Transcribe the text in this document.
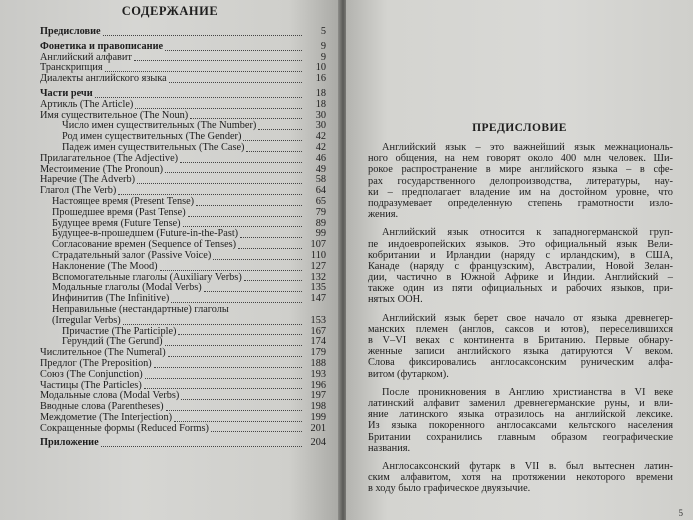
СОДЕРЖАНИЕ
Предисловие	5
Фонетика и правописание	9
Английский алфавит	9
Транскрипция	10
Диалекты английского языка	16
Части речи	18
Артикль (The Article)	18
Имя существительное (The Noun)	30
Число имен существительных (The Number)	30
Род имен существительных (The Gender)	42
Падеж имен существительных (The Case)	42
Прилагательное (The Adjective)	46
Местоимение (The Pronoun)	49
Наречие (The Adverb)	58
Глагол (The Verb)	64
Настоящее время (Present Tense)	65
Прошедшее время (Past Tense)	79
Будущее время (Future Tense)	89
Будущее-в-прошедшем (Future-in-the-Past)	99
Согласование времен (Sequence of Tenses)	107
Страдательный залог (Passive Voice)	110
Наклонение (The Mood)	127
Вспомогательные глаголы (Auxiliary Verbs)	132
Модальные глаголы (Modal Verbs)	135
Инфинитив (The Infinitive)	147
Неправильные (нестандартные) глаголы
(Irregular Verbs)	153
Причастие (The Participle)	167
Герундий (The Gerund)	174
Числительное (The Numeral)	179
Предлог (The Preposition)	188
Союз (The Conjunction)	193
Частицы (The Particles)	196
Модальные слова (Modal Verbs)	197
Вводные слова (Parentheses)	198
Междометие (The Interjection)	199
Сокращенные формы (Reduced Forms)	201
Приложение	204
5
ПРЕДИСЛОВИЕ
Английский язык – это важнейший язык межнациональ-
ного общения, на нем говорят около 400 млн человек. Ши-
рокое распространение в мире английского языка – в сфе-
рах государственного делопроизводства, литературы, нау-
ки – предполагает владение им на достойном уровне, что
подразумевает определенную степень грамотности изло-
жения.
Английский язык относится к западногерманской груп-
пе индоевропейских языков. Это официальный язык Вели-
кобритании и Ирландии (наряду с ирландским), в США,
Канаде (наряду с французским), Австралии, Новой Зелан-
дии, частично в Южной Африке и Индии. Английский –
также один из пяти официальных и рабочих языков, при-
нятых ООН.
Английский язык берет свое начало от языка древнегер-
манских племен (англов, саксов и ютов), переселившихся
в V–VI веках с континента в Британию. Первые обнару-
женные записи английского языка датируются V веком.
Слова фиксировались англосаксонским руническим алфа-
витом (футарком).
После проникновения в Англию христианства в VI веке
латинский алфавит заменил древнегерманские руны, и вли-
яние латинского языка отразилось на английской лексике.
Из языка покоренного англосаксами кельтского населения
Британии сохранились главным образом географические
названия.
Англосаксонский футарк в VII в. был вытеснен латин-
ским алфавитом, хотя на протяжении некоторого времени
в ходу было графическое двуязычие.
